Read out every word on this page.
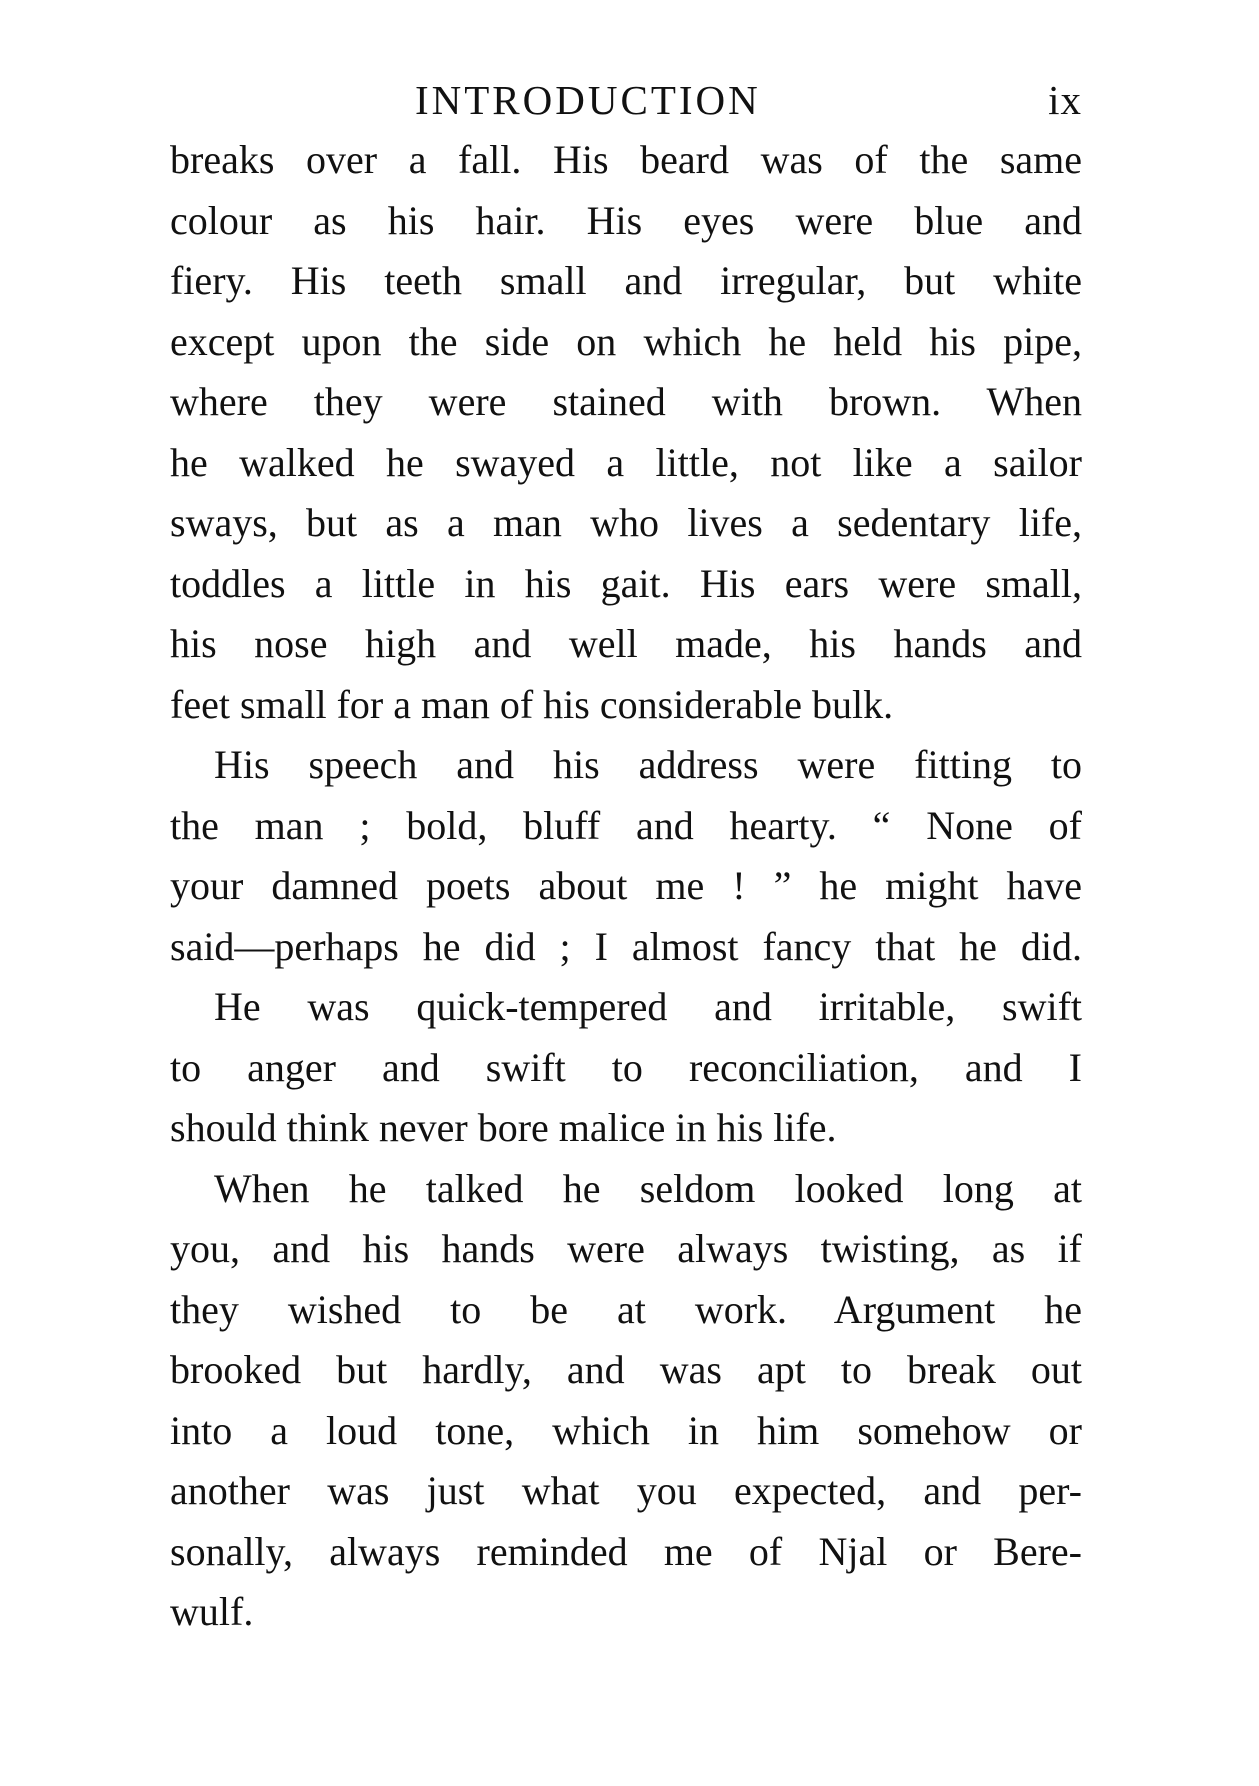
INTRODUCTION	ix
breaks over a fall. His beard was of the same
colour as his hair. His eyes were blue and
fiery. His teeth small and irregular, but white
except upon the side on which he held his pipe,
where they were stained with brown. When
he walked he swayed a little, not like a sailor
sways, but as a man who lives a sedentary life,
toddles a little in his gait. His ears were small,
his nose high and well made, his hands and
feet small for a man of his considerable bulk.
His speech and his address were fitting to
the man ; bold, bluff and hearty. “ None of
your damned poets about me ! ” he might have
said—perhaps he did ; I almost fancy that he did.
He was quick-tempered and irritable, swift
to anger and swift to reconciliation, and I
should think never bore malice in his life.
When he talked he seldom looked long at
you, and his hands were always twisting, as if
they wished to be at work. Argument he
brooked but hardly, and was apt to break out
into a loud tone, which in him somehow or
another was just what you expected, and per-
sonally, always reminded me of Njal or Bere-
wulf.
